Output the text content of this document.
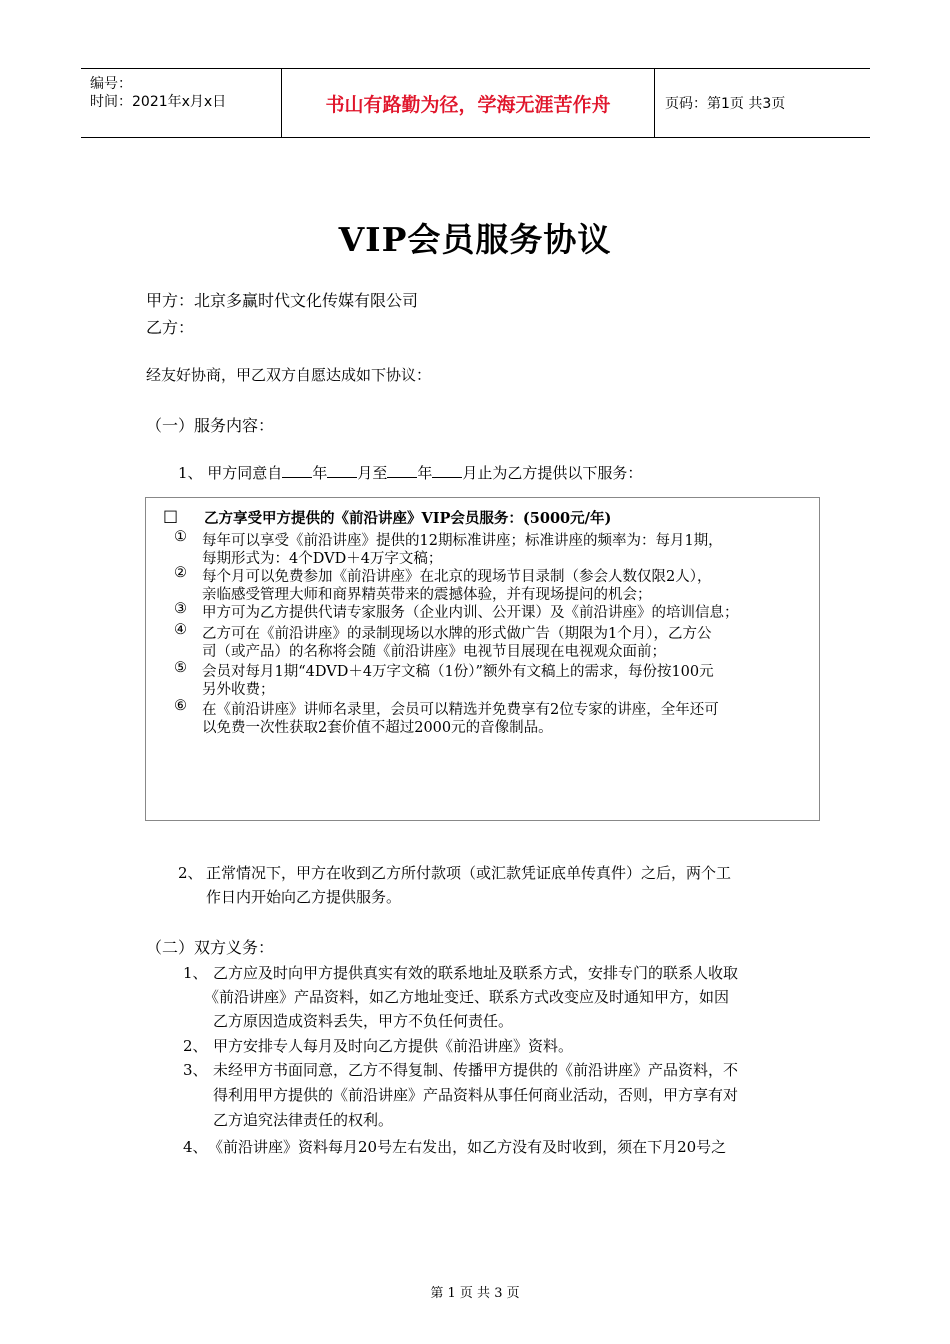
编号：
时间：2021年x月x日	书山有路勤为径，学海无涯苦作舟	页码：第1页 共3页
VIP会员服务协议
甲方：北京多赢时代文化传媒有限公司
乙方：
经友好协商，甲乙双方自愿达成如下协议：
（一）服务内容：
1、 甲方同意自 年 月至 年 月止为乙方提供以下服务：
□ 乙方享受甲方提供的《前沿讲座》VIP会员服务：(5000元/年)
① 每年可以享受《前沿讲座》提供的12期标准讲座；标准讲座的频率为：每月1期，
每期形式为：4个DVD＋4万字文稿；
② 每个月可以免费参加《前沿讲座》在北京的现场节目录制（参会人数仅限2人），
亲临感受管理大师和商界精英带来的震撼体验，并有现场提问的机会；
③ 甲方可为乙方提供代请专家服务（企业内训、公开课）及《前沿讲座》的培训信息；
④ 乙方可在《前沿讲座》的录制现场以水牌的形式做广告（期限为1个月），乙方公
司（或产品）的名称将会随《前沿讲座》电视节目展现在电视观众面前；
⑤ 会员对每月1期“4DVD＋4万字文稿（1份）”额外有文稿上的需求，每份按100元
另外收费；
⑥ 在《前沿讲座》讲师名录里，会员可以精选并免费享有2位专家的讲座，全年还可
以免费一次性获取2套价值不超过2000元的音像制品。
2、 正常情况下，甲方在收到乙方所付款项（或汇款凭证底单传真件）之后，两个工
作日内开始向乙方提供服务。
（二）双方义务：
1、 乙方应及时向甲方提供真实有效的联系地址及联系方式，安排专门的联系人收取
《前沿讲座》产品资料，如乙方地址变迁、联系方式改变应及时通知甲方，如因
乙方原因造成资料丢失，甲方不负任何责任。
2、 甲方安排专人每月及时向乙方提供《前沿讲座》资料。
3、 未经甲方书面同意，乙方不得复制、传播甲方提供的《前沿讲座》产品资料，不
得利用甲方提供的《前沿讲座》产品资料从事任何商业活动，否则，甲方享有对
乙方追究法律责任的权利。
4、 《前沿讲座》资料每月20号左右发出，如乙方没有及时收到，须在下月20号之
第 1 页 共 3 页
